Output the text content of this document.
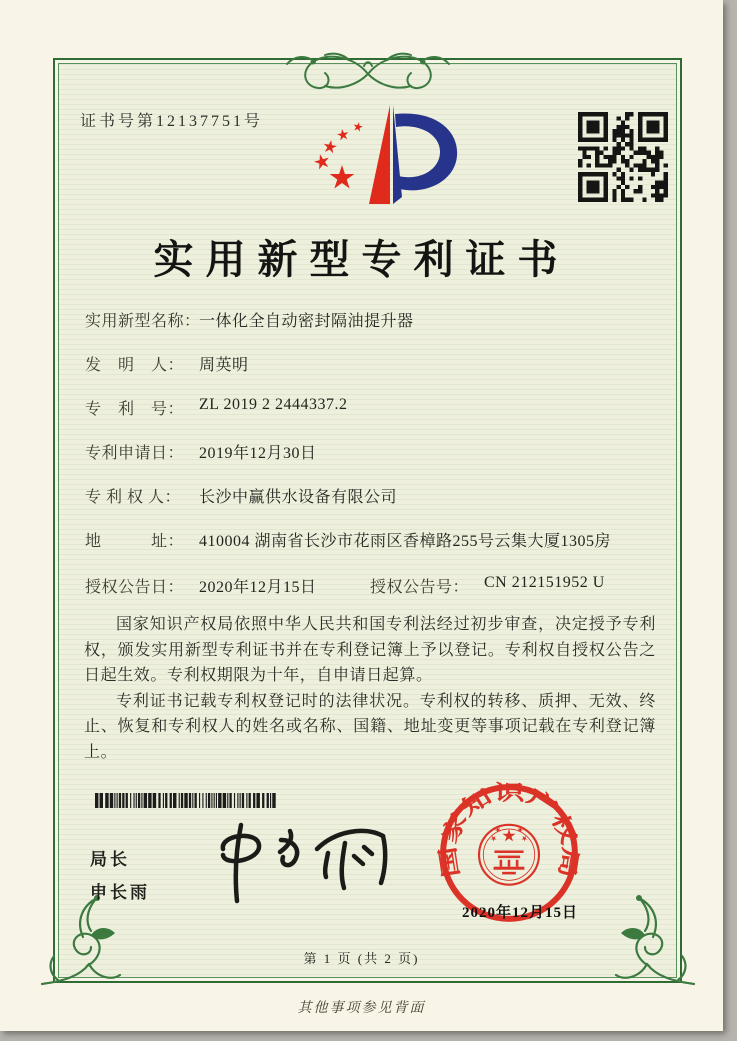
证书号第12137751号
实用新型专利证书
实用新型名称：一体化全自动密封隔油提升器
发　明　人： 周英明
专　利　号： ZL 2019 2 2444337.2
专利申请日： 2019年12月30日
专 利 权 人： 长沙中赢供水设备有限公司
地　　　址： 410004 湖南省长沙市花雨区香樟路255号云集大厦1305房
授权公告日： 2020年12月15日	授权公告号： CN 212151952 U

国家知识产权局依照中华人民共和国专利法经过初步审查，决定授予专利权，颁发实用新型专利证书并在专利登记簿上予以登记。专利权自授权公告之日起生效。专利权期限为十年，自申请日起算。

专利证书记载专利权登记时的法律状况。专利权的转移、质押、无效、终止、恢复和专利权人的姓名或名称、国籍、地址变更等事项记载在专利登记簿上。

局长
申长雨
国家知识产权局
2020年12月15日
第 1 页 (共 2 页)
其他事项参见背面
